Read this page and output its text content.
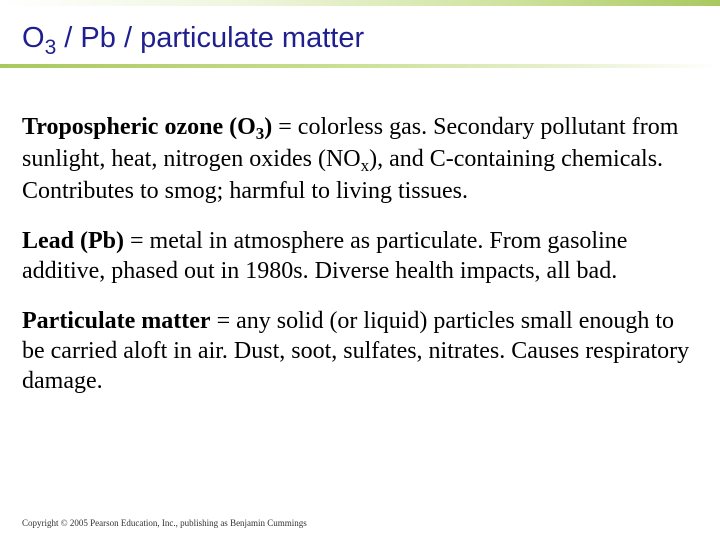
$O_3$ / Pb / particulate matter

Tropospheric ozone $(O_3)$ = colorless gas. Secondary pollutant from sunlight, heat, nitrogen oxides $(NO_x)$, and C-containing chemicals. Contributes to smog; harmful to living tissues.

Lead (Pb) = metal in atmosphere as particulate. From gasoline additive, phased out in 1980s. Diverse health impacts, all bad.

Particulate matter = any solid (or liquid) particles small enough to be carried aloft in air. Dust, soot, sulfates, nitrates. Causes respiratory damage.

Copyright © 2005 Pearson Education, Inc., publishing as Benjamin Cummings
